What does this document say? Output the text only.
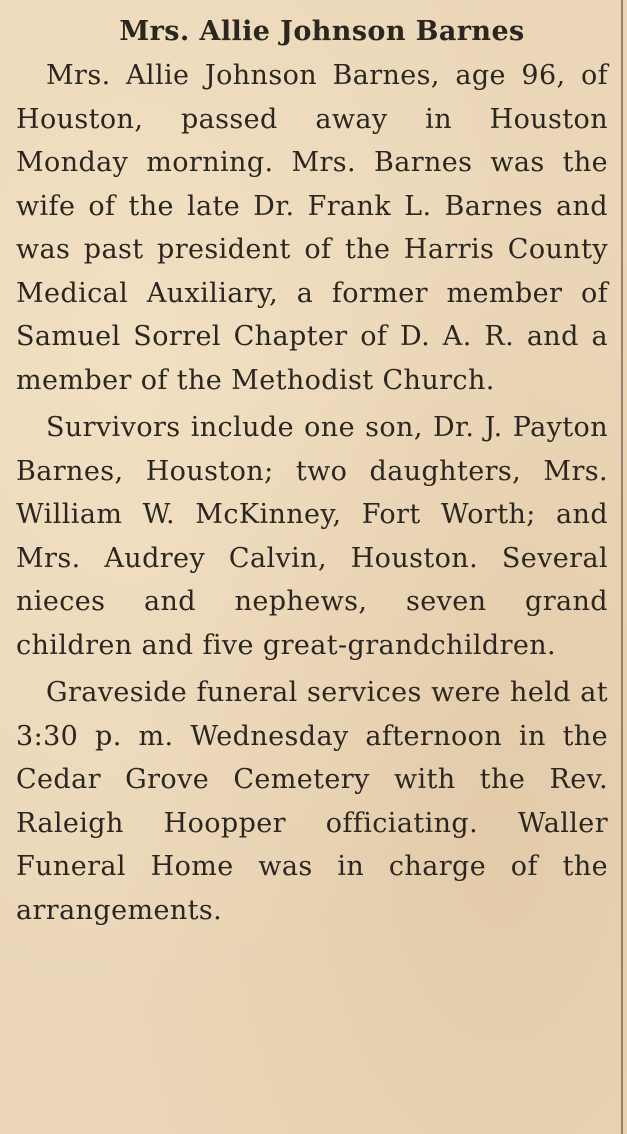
Mrs. Allie Johnson Barnes

Mrs. Allie Johnson Barnes, age 96, of Houston, passed away in Houston Monday morning. Mrs. Barnes was the wife of the late Dr. Frank L. Barnes and was past president of the Harris County Medical Auxiliary, a former member of Samuel Sorrel Chapter of D. A. R. and a member of the Methodist Church.

Survivors include one son, Dr. J. Payton Barnes, Houston; two daughters, Mrs. William W. McKinney, Fort Worth; and Mrs. Audrey Calvin, Houston. Several nieces and nephews, seven grand children and five great-grandchildren.

Graveside funeral services were held at 3:30 p. m. Wednesday afternoon in the Cedar Grove Cemetery with the Rev. Raleigh Hoopper officiating. Waller Funeral Home was in charge of the arrangements.
